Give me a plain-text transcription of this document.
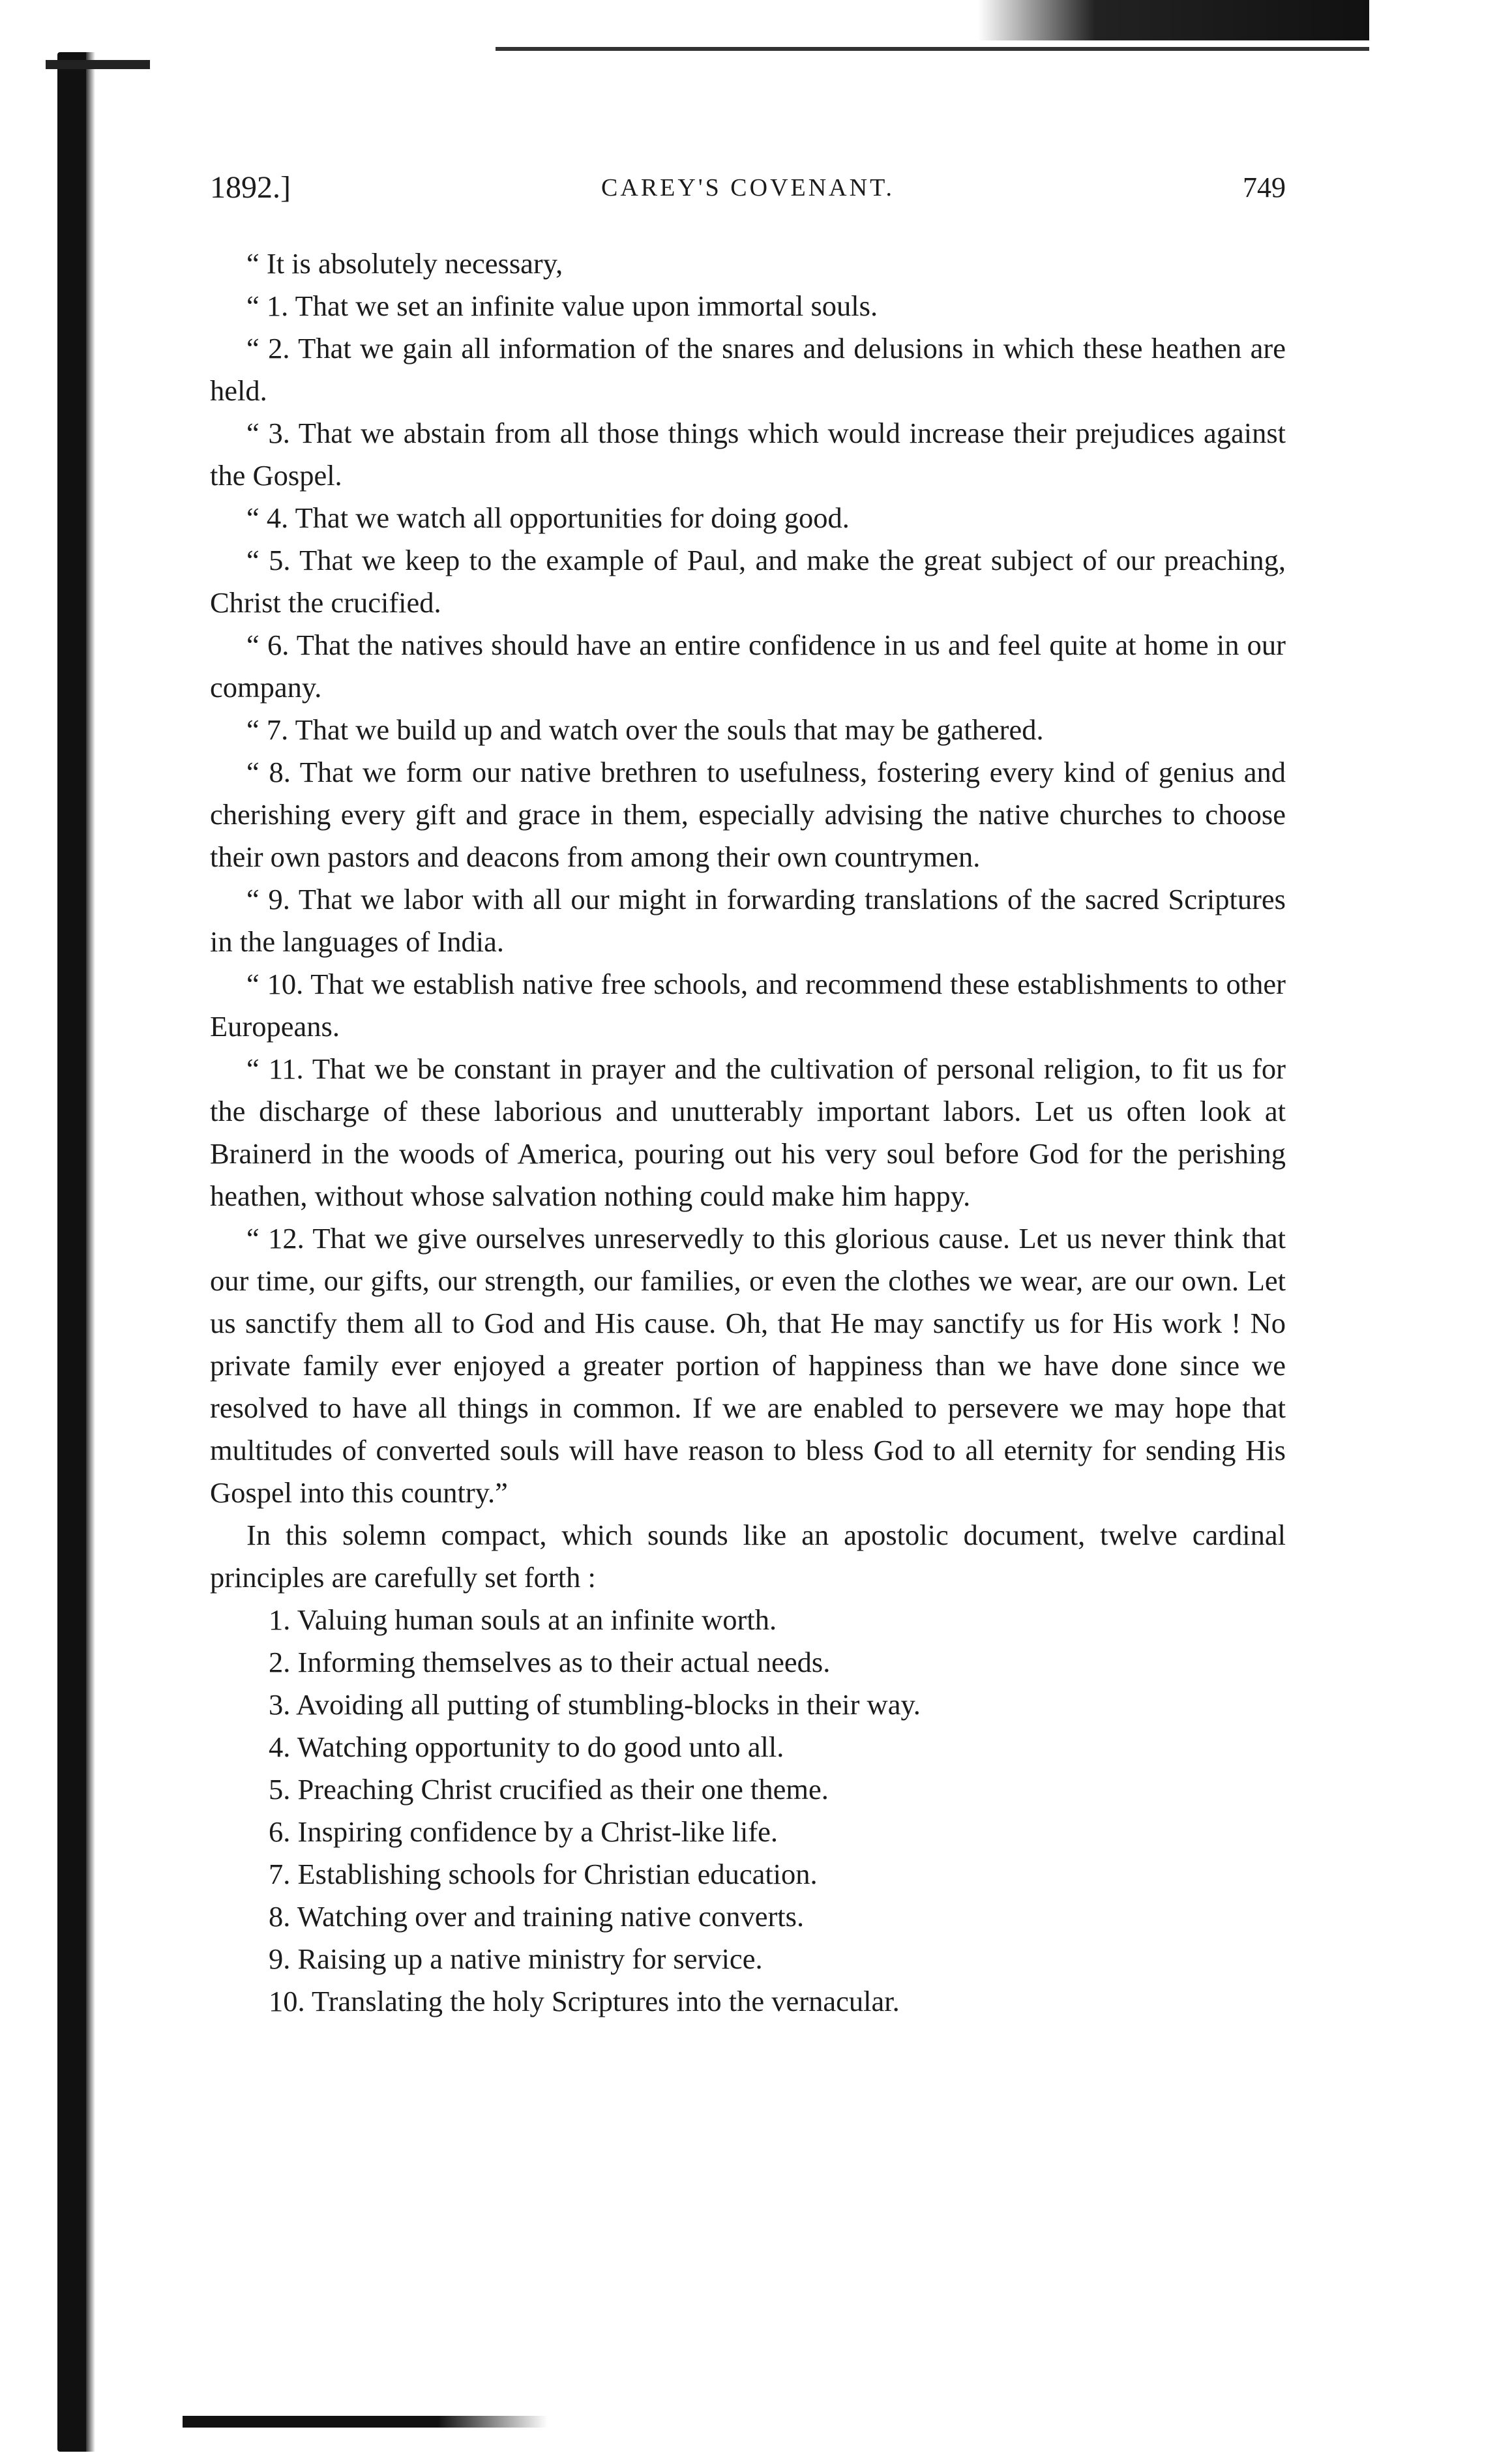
1892.]	CAREY'S COVENANT.	749

“ It is absolutely necessary,

“ 1. That we set an infinite value upon immortal souls.

“ 2. That we gain all information of the snares and delusions in which these heathen are held.

“ 3. That we abstain from all those things which would increase their prejudices against the Gospel.

“ 4. That we watch all opportunities for doing good.

“ 5. That we keep to the example of Paul, and make the great subject of our preaching, Christ the crucified.

“ 6. That the natives should have an entire confidence in us and feel quite at home in our company.

“ 7. That we build up and watch over the souls that may be gathered.

“ 8. That we form our native brethren to usefulness, fostering every kind of genius and cherishing every gift and grace in them, especially advising the native churches to choose their own pastors and deacons from among their own countrymen.

“ 9. That we labor with all our might in forwarding translations of the sacred Scriptures in the languages of India.

“ 10. That we establish native free schools, and recommend these establishments to other Europeans.

“ 11. That we be constant in prayer and the cultivation of personal religion, to fit us for the discharge of these laborious and unutterably important labors. Let us often look at Brainerd in the woods of America, pouring out his very soul before God for the perishing heathen, without whose salvation nothing could make him happy.

“ 12. That we give ourselves unreservedly to this glorious cause. Let us never think that our time, our gifts, our strength, our families, or even the clothes we wear, are our own. Let us sanctify them all to God and His cause. Oh, that He may sanctify us for His work ! No private family ever enjoyed a greater portion of happiness than we have done since we resolved to have all things in common. If we are enabled to persevere we may hope that multitudes of converted souls will have reason to bless God to all eternity for sending His Gospel into this country.”

In this solemn compact, which sounds like an apostolic document, twelve cardinal principles are carefully set forth :

1. Valuing human souls at an infinite worth.
2. Informing themselves as to their actual needs.
3. Avoiding all putting of stumbling-blocks in their way.
4. Watching opportunity to do good unto all.
5. Preaching Christ crucified as their one theme.
6. Inspiring confidence by a Christ-like life.
7. Establishing schools for Christian education.
8. Watching over and training native converts.
9. Raising up a native ministry for service.
10. Translating the holy Scriptures into the vernacular.
